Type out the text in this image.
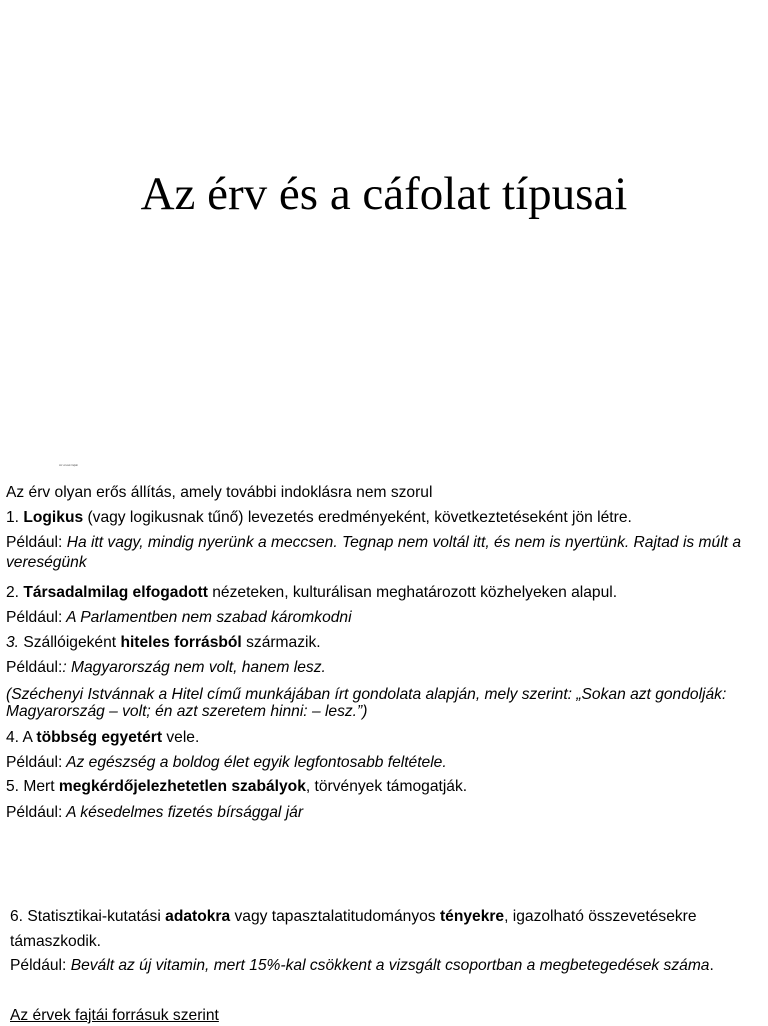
Az érv és a cáfolat típusai
Az érvek fajtái
Az érv olyan erős állítás, amely további indoklásra nem szorul
1. Logikus (vagy logikusnak tűnő) levezetés eredményeként, következtetéseként jön létre.
Például: Ha itt vagy, mindig nyerünk a meccsen. Tegnap nem voltál itt, és nem is nyertünk. Rajtad is múlt a vereségünk
2. Társadalmilag elfogadott nézeteken, kulturálisan meghatározott közhelyeken alapul.
Például: A Parlamentben nem szabad káromkodni
3. Szállóigeként hiteles forrásból származik.
Például:: Magyarország nem volt, hanem lesz.
(Széchenyi Istvánnak a Hitel című munkájában írt gondolata alapján, mely szerint: „Sokan azt gondolják: Magyarország – volt; én azt szeretem hinni: – lesz.”)
4. A többség egyetért vele.
Például: Az egészség a boldog élet egyik legfontosabb feltétele.
5. Mert megkérdőjelezhetetlen szabályok, törvények támogatják.
Például: A késedelmes fizetés bírsággal jár
6. Statisztikai-kutatási adatokra vagy tapasztalatitudományos tényekre, igazolható összevetésekre támaszkodik.
Például: Bevált az új vitamin, mert 15%-kal csökkent a vizsgált csoportban a megbetegedések száma.
Az érvek fajtái forrásuk szerint
